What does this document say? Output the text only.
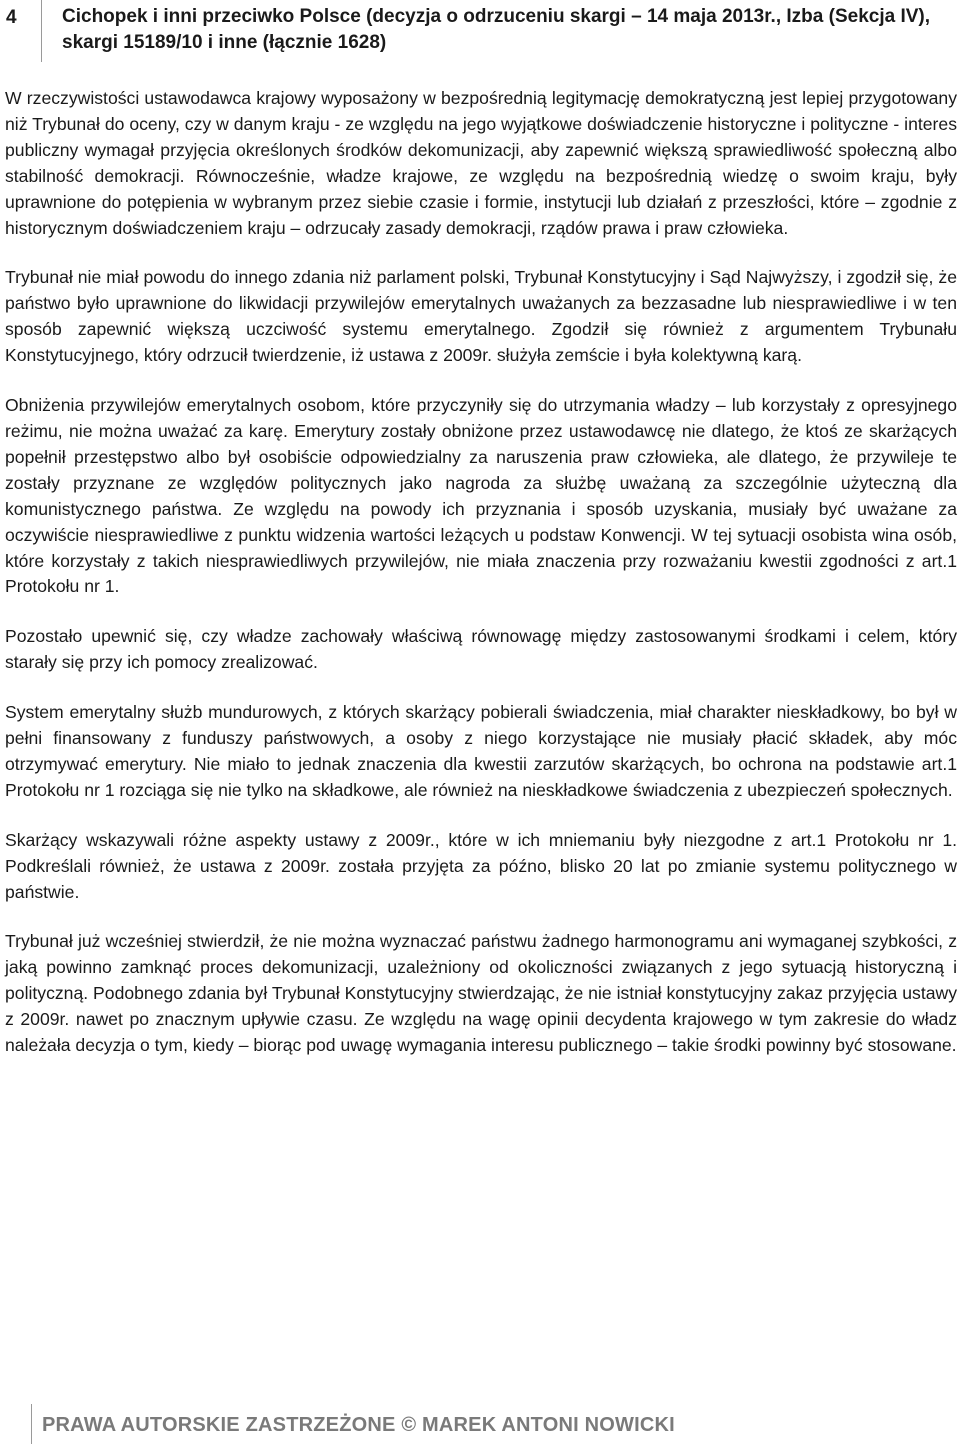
4 Cichopek i inni przeciwko Polsce (decyzja o odrzuceniu skargi – 14 maja 2013r., Izba (Sekcja IV), skargi 15189/10 i inne (łącznie 1628)

W rzeczywistości ustawodawca krajowy wyposażony w bezpośrednią legitymację demokratyczną jest lepiej przygotowany niż Trybunał do oceny, czy w danym kraju - ze względu na jego wyjątkowe doświadczenie historyczne i polityczne - interes publiczny wymagał przyjęcia określonych środków dekomunizacji, aby zapewnić większą sprawiedliwość społeczną albo stabilność demokracji. Równocześnie, władze krajowe, ze względu na bezpośrednią wiedzę o swoim kraju, były uprawnione do potępienia w wybranym przez siebie czasie i formie, instytucji lub działań z przeszłości, które – zgodnie z historycznym doświadczeniem kraju – odrzucały zasady demokracji, rządów prawa i praw człowieka.

Trybunał nie miał powodu do innego zdania niż parlament polski, Trybunał Konstytucyjny i Sąd Najwyższy, i zgodził się, że państwo było uprawnione do likwidacji przywilejów emerytalnych uważanych za bezzasadne lub niesprawiedliwe i w ten sposób zapewnić większą uczciwość systemu emerytalnego. Zgodził się również z argumentem Trybunału Konstytucyjnego, który odrzucił twierdzenie, iż ustawa z 2009r. służyła zemście i była kolektywną karą.

Obniżenia przywilejów emerytalnych osobom, które przyczyniły się do utrzymania władzy – lub korzystały z opresyjnego reżimu, nie można uważać za karę. Emerytury zostały obniżone przez ustawodawcę nie dlatego, że ktoś ze skarżących popełnił przestępstwo albo był osobiście odpowiedzialny za naruszenia praw człowieka, ale dlatego, że przywileje te zostały przyznane ze względów politycznych jako nagroda za służbę uważaną za szczególnie użyteczną dla komunistycznego państwa. Ze względu na powody ich przyznania i sposób uzyskania, musiały być uważane za oczywiście niesprawiedliwe z punktu widzenia wartości leżących u podstaw Konwencji. W tej sytuacji osobista wina osób, które korzystały z takich niesprawiedliwych przywilejów, nie miała znaczenia przy rozważaniu kwestii zgodności z art.1 Protokołu nr 1.

Pozostało upewnić się, czy władze zachowały właściwą równowagę między zastosowanymi środkami i celem, który starały się przy ich pomocy zrealizować.

System emerytalny służb mundurowych, z których skarżący pobierali świadczenia, miał charakter nieskładkowy, bo był w pełni finansowany z funduszy państwowych, a osoby z niego korzystające nie musiały płacić składek, aby móc otrzymywać emerytury. Nie miało to jednak znaczenia dla kwestii zarzutów skarżących, bo ochrona na podstawie art.1 Protokołu nr 1 rozciąga się nie tylko na składkowe, ale również na nieskładkowe świadczenia z ubezpieczeń społecznych.

Skarżący wskazywali różne aspekty ustawy z 2009r., które w ich mniemaniu były niezgodne z art.1 Protokołu nr 1. Podkreślali również, że ustawa z 2009r. została przyjęta za późno, blisko 20 lat po zmianie systemu politycznego w państwie.

Trybunał już wcześniej stwierdził, że nie można wyznaczać państwu żadnego harmonogramu ani wymaganej szybkości, z jaką powinno zamknąć proces dekomunizacji, uzależniony od okoliczności związanych z jego sytuacją historyczną i polityczną. Podobnego zdania był Trybunał Konstytucyjny stwierdzając, że nie istniał konstytucyjny zakaz przyjęcia ustawy z 2009r. nawet po znacznym upływie czasu. Ze względu na wagę opinii decydenta krajowego w tym zakresie do władz należała decyzja o tym, kiedy – biorąc pod uwagę wymagania interesu publicznego – takie środki powinny być stosowane.

PRAWA AUTORSKIE ZASTRZEŻONE © MAREK ANTONI NOWICKI
